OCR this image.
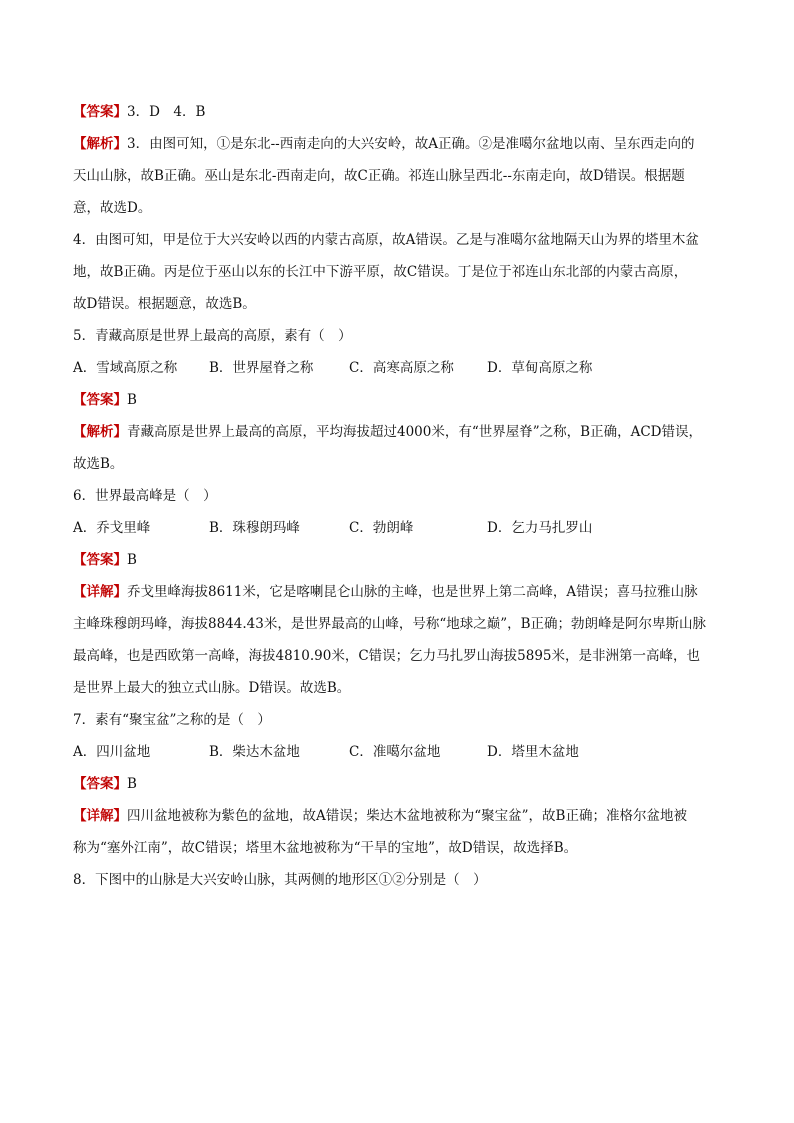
【答案】3．D　4．B
【解析】3．由图可知，①是东北--西南走向的大兴安岭，故A正确。②是准噶尔盆地以南、呈东西走向的
天山山脉，故B正确。巫山是东北-西南走向，故C正确。祁连山脉呈西北--东南走向，故D错误。根据题
意，故选D。
4．由图可知，甲是位于大兴安岭以西的内蒙古高原，故A错误。乙是与准噶尔盆地隔天山为界的塔里木盆
地，故B正确。丙是位于巫山以东的长江中下游平原，故C错误。丁是位于祁连山东北部的内蒙古高原，
故D错误。根据题意，故选B。
5．青藏高原是世界上最高的高原，素有（　）
A．雪域高原之称 B．世界屋脊之称	C．高寒高原之称 D．草甸高原之称
【答案】B
【解析】青藏高原是世界上最高的高原，平均海拔超过4000米，有“世界屋脊”之称，B正确，ACD错误，
故选B。
6．世界最高峰是（　）
A．乔戈里峰	B．珠穆朗玛峰	C．勃朗峰	D．乞力马扎罗山
【答案】B
【详解】乔戈里峰海拔8611米，它是喀喇昆仑山脉的主峰，也是世界上第二高峰，A错误；喜马拉雅山脉
主峰珠穆朗玛峰，海拔8844.43米，是世界最高的山峰，号称“地球之巅”，B正确；勃朗峰是阿尔卑斯山脉
最高峰，也是西欧第一高峰，海拔4810.90米，C错误；乞力马扎罗山海拔5895米，是非洲第一高峰，也
是世界上最大的独立式山脉。D错误。故选B。
7．素有“聚宝盆”之称的是（　）
A．四川盆地	B．柴达木盆地	C．准噶尔盆地	D．塔里木盆地
【答案】B
【详解】四川盆地被称为紫色的盆地，故A错误；柴达木盆地被称为“聚宝盆”，故B正确；准格尔盆地被
称为“塞外江南”，故C错误；塔里木盆地被称为“干旱的宝地”，故D错误，故选择B。
8．下图中的山脉是大兴安岭山脉，其两侧的地形区①②分别是（　）
